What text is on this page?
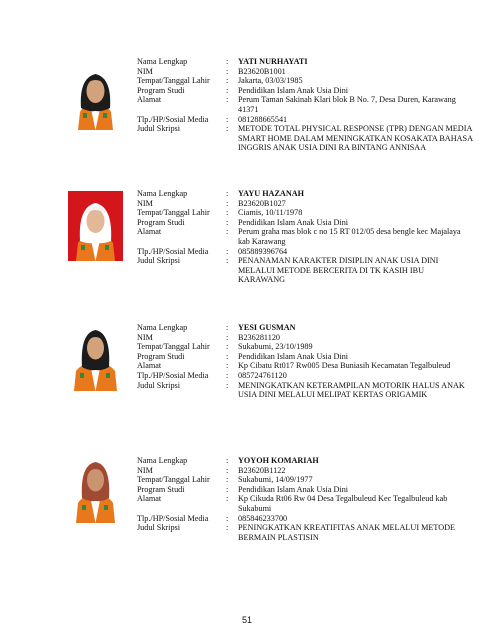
Nama Lengkap	:	YATI NURHAYATI
NIM	:	B23620B1001
Tempat/Tanggal Lahir	:	Jakarta, 03/03/1985
Program Studi	:	Pendidikan Islam Anak Usia Dini
Alamat	:	Perum Taman Sakinah Klari blok B No. 7, Desa Duren, Karawang 41371
Tlp./HP/Sosial Media	:	081288665541
Judul Skripsi	:	METODE TOTAL PHYSICAL RESPONSE (TPR) DENGAN MEDIA SMART HOME DALAM MENINGKATKAN KOSAKATA BAHASA INGGRIS ANAK USIA DINI RA BINTANG ANNISAA
Nama Lengkap	:	YAYU HAZANAH
NIM	:	B23620B1027
Tempat/Tanggal Lahir	:	Ciamis, 10/11/1978
Program Studi	:	Pendidikan Islam Anak Usia Dini
Alamat	:	Perum graha mas blok c no 15 RT 012/05 desa bengle kec Majalaya kab Karawang
Tlp./HP/Sosial Media	:	085889396764
Judul Skripsi	:	PENANAMAN KARAKTER DISIPLIN ANAK USIA DINI MELALUI METODE BERCERITA DI TK KASIH IBU KARAWANG
Nama Lengkap	:	YESI GUSMAN
NIM	:	B236281120
Tempat/Tanggal Lahir	:	Sukabumi, 23/10/1989
Program Studi	:	Pendidikan Islam Anak Usia Dini
Alamat	:	Kp Cibatu Rt017 Rw005 Desa Buniasih Kecamatan Tegalbuleud
Tlp./HP/Sosial Media	:	085724761120
Judul Skripsi	:	MENINGKATKAN KETERAMPILAN MOTORIK HALUS ANAK USIA DINI MELALUI MELIPAT KERTAS ORIGAMIK
Nama Lengkap	:	YOYOH KOMARIAH
NIM	:	B23620B1122
Tempat/Tanggal Lahir	:	Sukabumi, 14/09/1977
Program Studi	:	Pendidikan Islam Anak Usia Dini
Alamat	:	Kp Cikuda Rt06 Rw 04 Desa Tegalbuleud Kec Tegalbuleud kab Sukabumi
Tlp./HP/Sosial Media	:	085846233700
Judul Skripsi	:	PENINGKATKAN KREATIFITAS ANAK MELALUI METODE BERMAIN PLASTISIN
51
